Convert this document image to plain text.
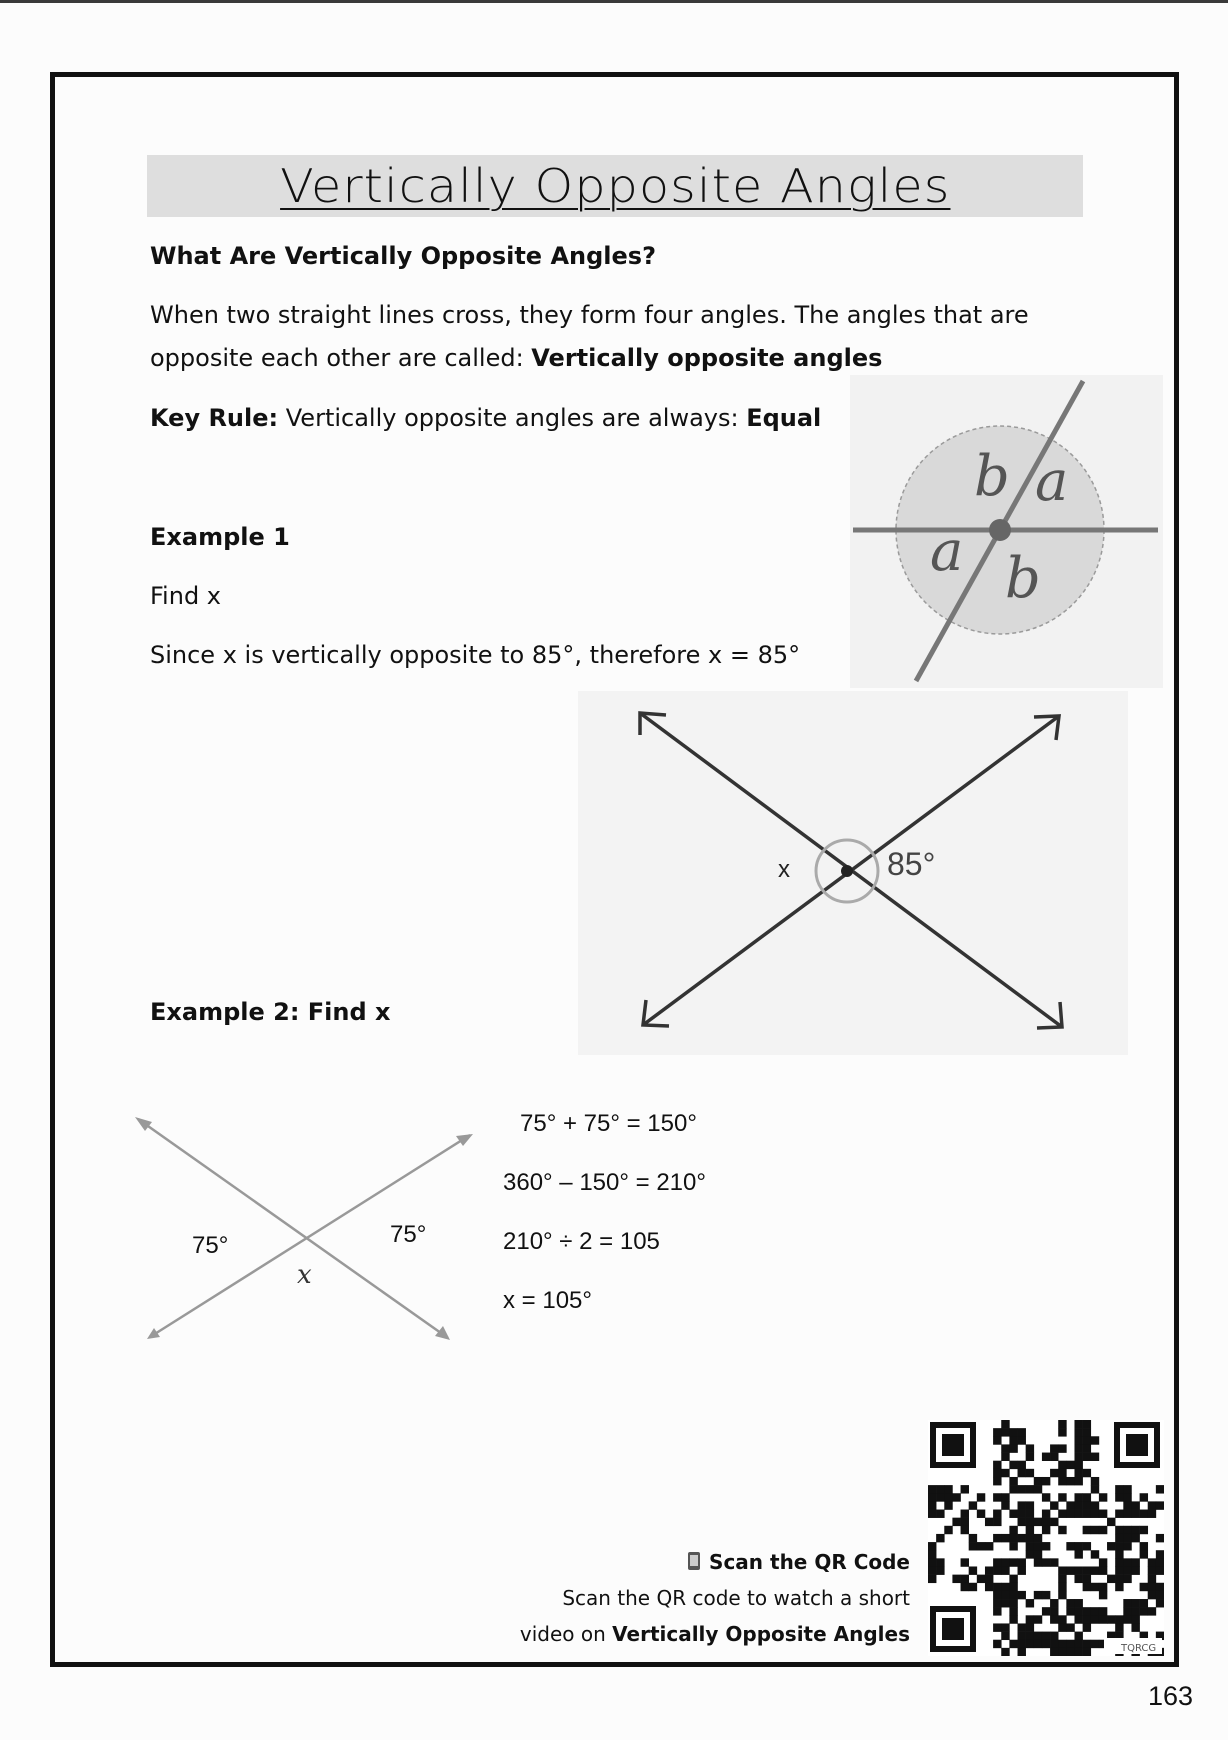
Vertically Opposite Angles
What Are Vertically Opposite Angles?
When two straight lines cross, they form four angles. The angles that are
opposite each other are called: Vertically opposite angles
Key Rule: Vertically opposite angles are always: Equal
b a
a b
Example 1
Find x
Since x is vertically opposite to 85°, therefore x = 85°
x	85°
Example 2: Find x
75°	75°
x
75° + 75° = 150°
360° – 150° = 210°
210° ÷ 2 = 105
x = 105°
Scan the QR Code
Scan the QR code to watch a short
video on Vertically Opposite Angles
TQRCG
163
